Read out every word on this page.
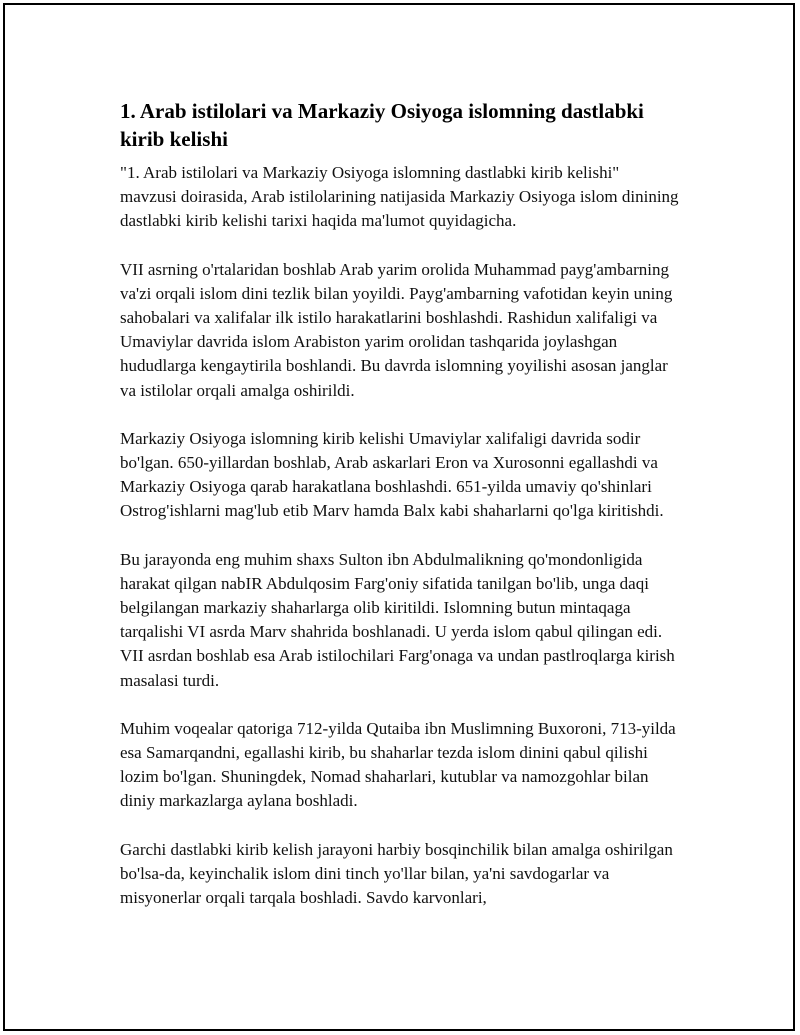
1. Arab istilolari va Markaziy Osiyoga islomning dastlabki kirib kelishi

"1. Arab istilolari va Markaziy Osiyoga islomning dastlabki kirib kelishi" mavzusi doirasida, Arab istilolarining natijasida Markaziy Osiyoga islom dinining dastlabki kirib kelishi tarixi haqida ma'lumot quyidagicha.

VII asrning o'rtalaridan boshlab Arab yarim orolida Muhammad payg'ambarning va'zi orqali islom dini tezlik bilan yoyildi. Payg'ambarning vafotidan keyin uning sahobalari va xalifalar ilk istilo harakatlarini boshlashdi. Rashidun xalifaligi va Umaviylar davrida islom Arabiston yarim orolidan tashqarida joylashgan hududlarga kengaytirila boshlandi. Bu davrda islomning yoyilishi asosan janglar va istilolar orqali amalga oshirildi.

Markaziy Osiyoga islomning kirib kelishi Umaviylar xalifaligi davrida sodir bo'lgan. 650-yillardan boshlab, Arab askarlari Eron va Xurosonni egallashdi va Markaziy Osiyoga qarab harakatlana boshlashdi. 651-yilda umaviy qo'shinlari Ostrog'ishlarni mag'lub etib Marv hamda Balx kabi shaharlarni qo'lga kiritishdi.

Bu jarayonda eng muhim shaxs Sulton ibn Abdulmalikning qo'mondonligida harakat qilgan nabIR Abdulqosim Farg'oniy sifatida tanilgan bo'lib, unga daqi belgilangan markaziy shaharlarga olib kiritildi. Islomning butun mintaqaga tarqalishi VI asrda Marv shahrida boshlanadi. U yerda islom qabul qilingan edi. VII asrdan boshlab esa Arab istilochilari Farg'onaga va undan pastlroqlarga kirish masalasi turdi.

Muhim voqealar qatoriga 712-yilda Qutaiba ibn Muslimning Buxoroni, 713-yilda esa Samarqandni, egallashi kirib, bu shaharlar tezda islom dinini qabul qilishi lozim bo'lgan. Shuningdek, Nomad shaharlari, kutublar va namozgohlar bilan diniy markazlarga aylana boshladi.

Garchi dastlabki kirib kelish jarayoni harbiy bosqinchilik bilan amalga oshirilgan bo'lsa-da, keyinchalik islom dini tinch yo'llar bilan, ya'ni savdogarlar va misyonerlar orqali tarqala boshladi. Savdo karvonlari,
